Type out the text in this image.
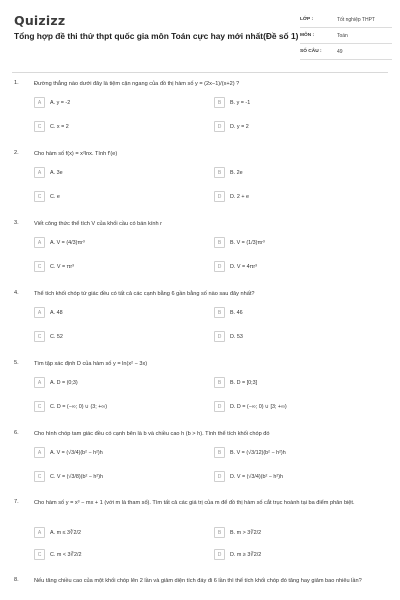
Quizizz
Tổng hợp đề thi thử thpt quốc gia môn Toán cực hay mới nhất(Đề số 1)
LỚP :	Tốt nghiệp THPT
MÔN :	Toán
SỐ CÂU :	49
1.	Đường thẳng nào dưới đây là tiệm cận ngang của đồ thị hàm số y = (2x−1)/(x+2) ?
A	A. y = -2	B	B. y = -1
C	C. x = 2	D	D. y = 2
2.	Cho hàm số f(x) = x²lnx. Tính f'(e)
A	A. 3e	B	B. 2e
C	C. e	D	D. 2 + e
3.	Viết công thức thể tích V của khối cầu có bán kính r
A	A. V = (4/3)πr³	B	B. V = (1/3)πr³
C	C. V = πr³	D	D. V = 4πr³
4.	Thể tích khối chóp tứ giác đều có tất cả các cạnh bằng 6 gần bằng số nào sau đây nhất?
A	A. 48	B	B. 46
C	C. 52	D	D. 53
5.	Tìm tập xác định D của hàm số y = ln(x² − 3x)
A	A. D = (0;3)	B	B. D = [0;3]
C	C. D = (−∞; 0) ∪ (3; +∞)	D	D. D = (−∞; 0) ∪ [3; +∞)
6.	Cho hình chóp tam giác đều có cạnh bên là b và chiều cao h (b > h). Tính thể tích khối chóp đó
A	A. V = (√3/4)(b² − h²)h	B	B. V = (√3/12)(b² − h²)h
C	C. V = (√3/8)(b² − h²)h	D	D. V = (√3/4)(b² − h²)h
7.	Cho hàm số y = x³ − mx + 1 (với m là tham số). Tìm tất cả các giá trị của m để đồ thị hàm số cắt trục hoành tại ba điểm phân biệt.
A	A. m ≤ 3∛2/2	B	B. m > 3∛2/2
C	C. m < 3∛2/2	D	D. m ≥ 3∛2/2
8.	Nếu tăng chiều cao của một khối chóp lên 2 lần và giảm diện tích đáy đi 6 lần thì thể tích khối chóp đó tăng hay giảm bao nhiêu lần?
